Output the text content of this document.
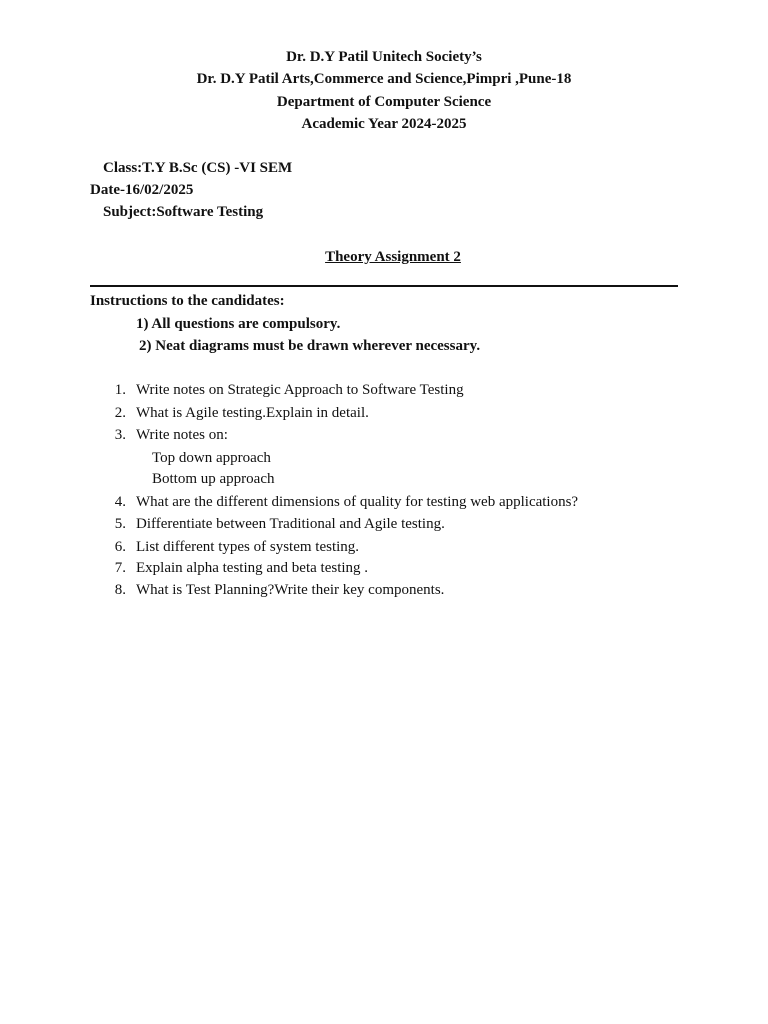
Dr. D.Y Patil Unitech Society’s
Dr. D.Y Patil Arts,Commerce and Science,Pimpri ,Pune-18
Department of Computer Science
Academic Year 2024-2025
Class:T.Y B.Sc (CS) -VI SEM
Date-16/02/2025
Subject:Software Testing
Theory Assignment 2
Instructions to the candidates:
1) All questions are compulsory.
2) Neat diagrams must be drawn wherever necessary.
1. Write notes on Strategic Approach to Software Testing
2. What is Agile testing.Explain in detail.
3. Write notes on:
Top down approach
Bottom up approach
4. What are the different dimensions of quality for testing web applications?
5. Differentiate between Traditional and Agile testing.
6. List different types of system testing.
7. Explain alpha testing and beta testing .
8. What is Test Planning?Write their key components.
